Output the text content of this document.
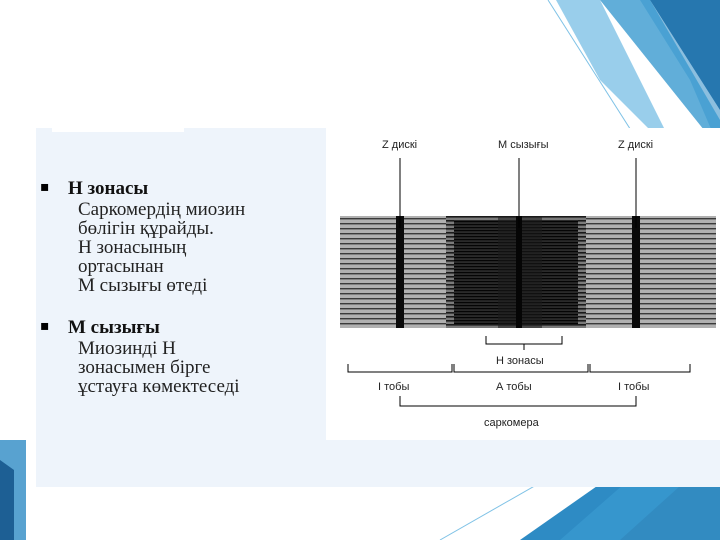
▪ Н зонасы
Саркомердің миозин
бөлігін құрайды.
Н зонасының
ортасынан
М сызығы өтеді
▪ М сызығы
Миозинді Н
зонасымен бірге
ұстауға көмектеседі
Z дискі	М сызығы	Z дискі
Н зонасы
I тобы	А тобы	I тобы
саркомера
